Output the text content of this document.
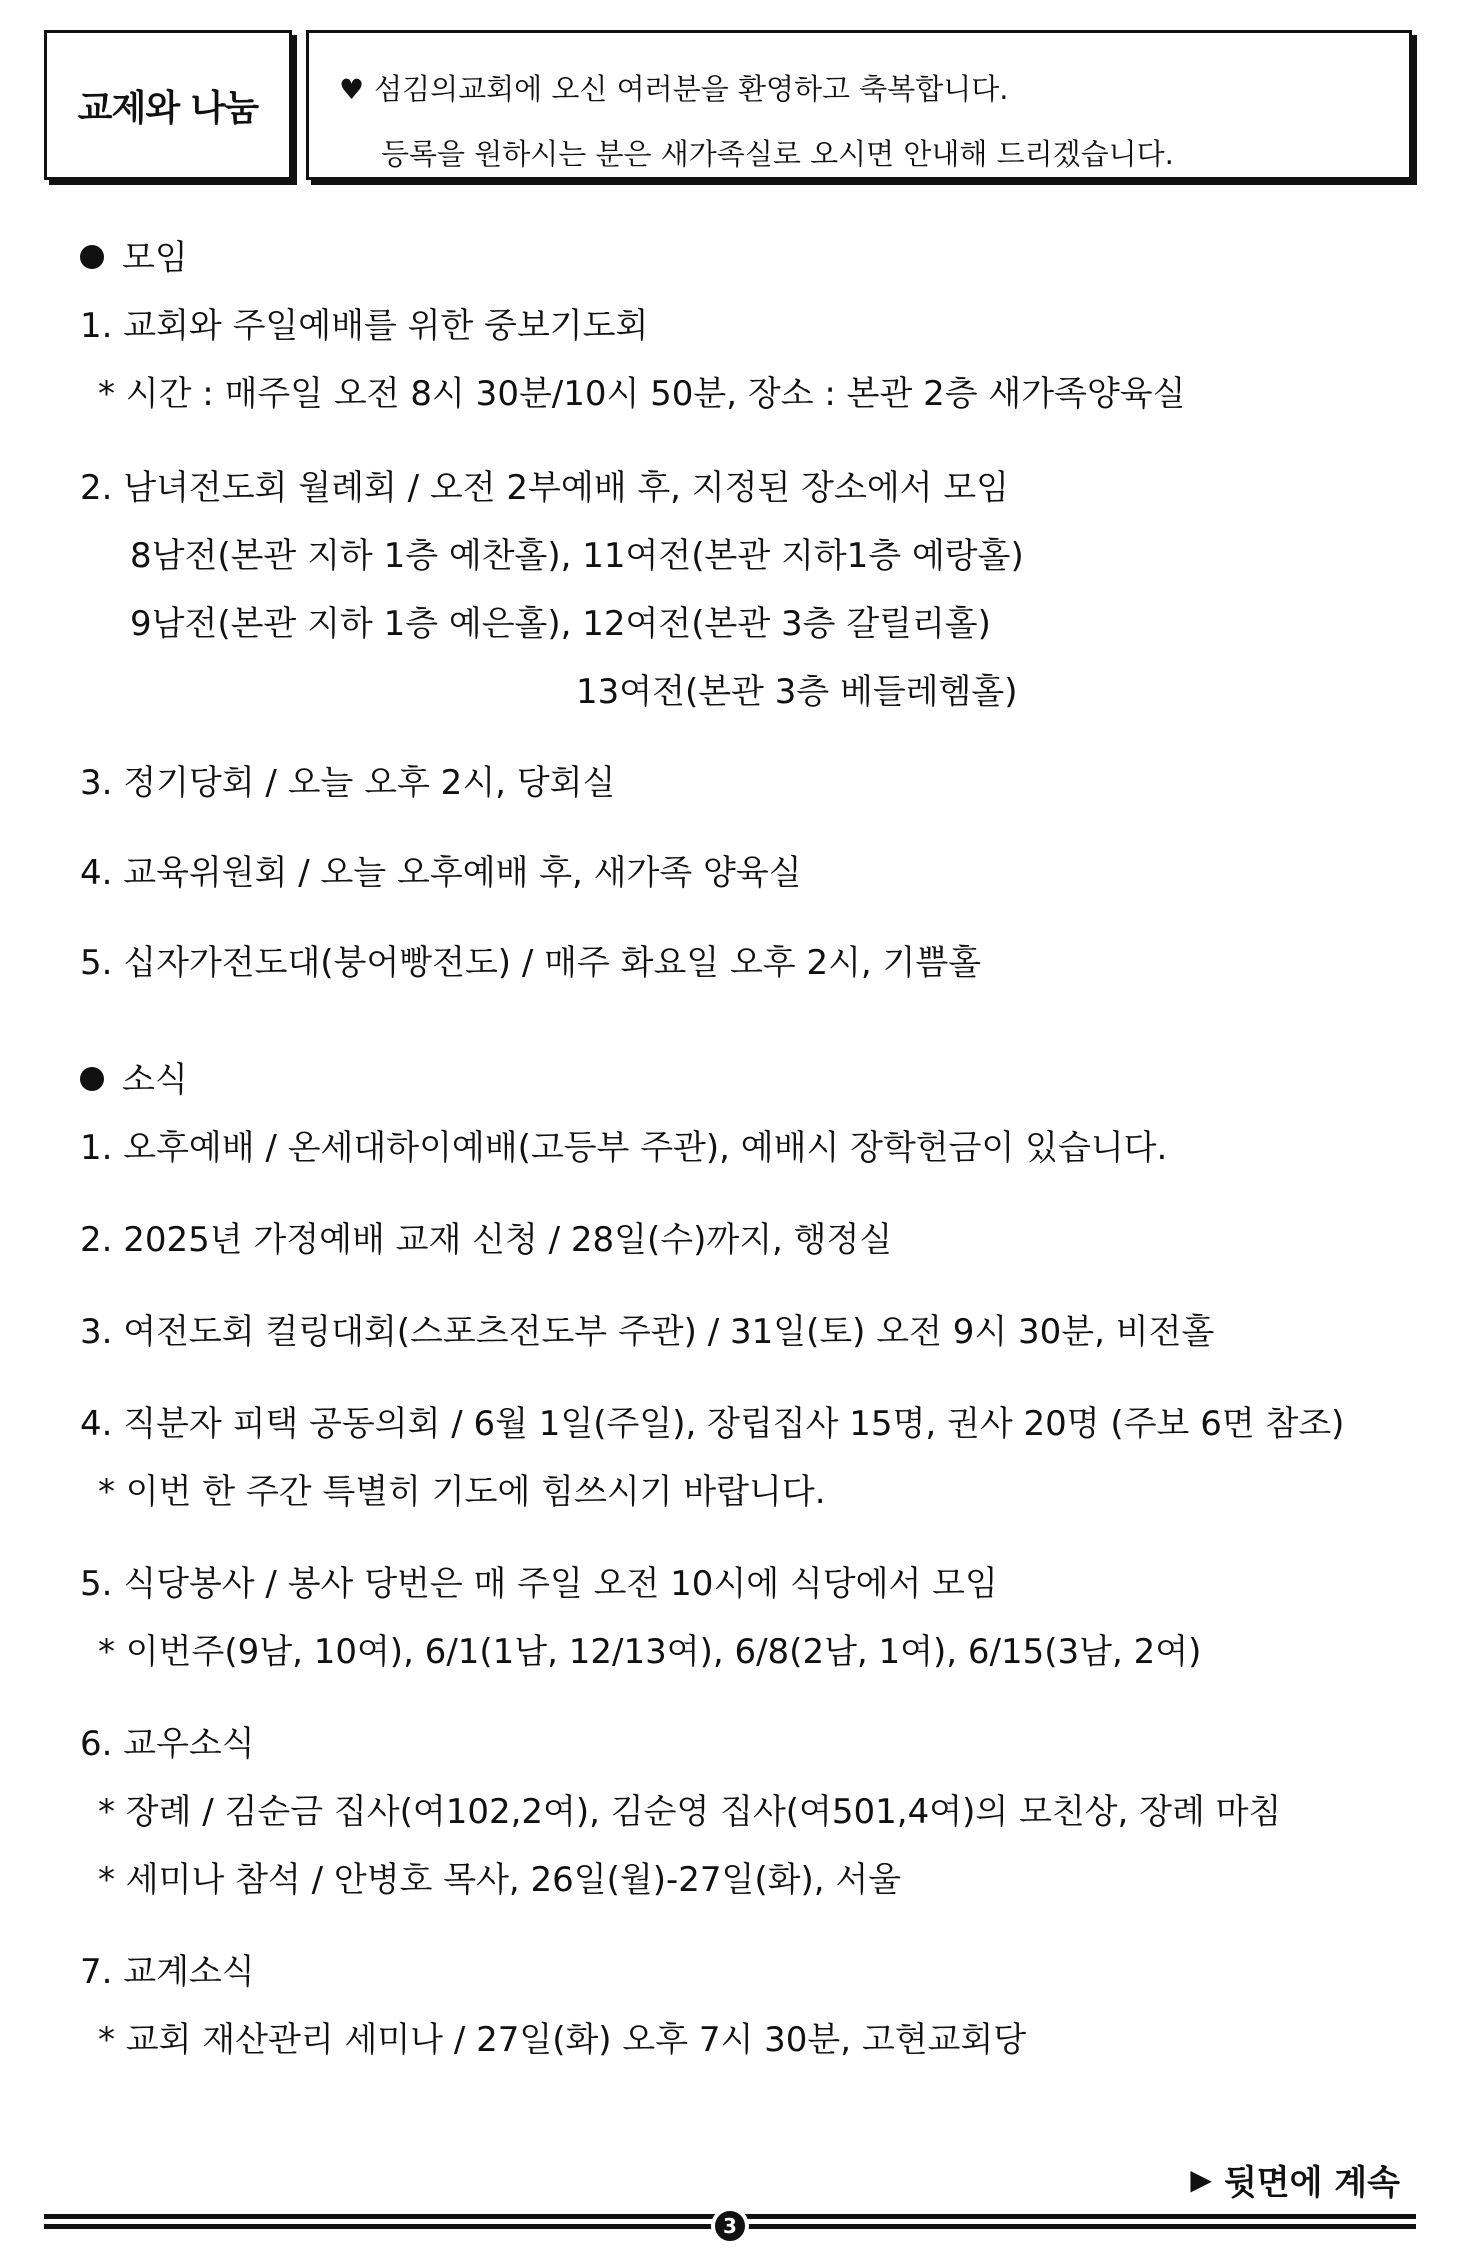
교제와 나눔	♥ 섬김의교회에 오신 여러분을 환영하고 축복합니다.
등록을 원하시는 분은 새가족실로 오시면 안내해 드리겠습니다.
모임
1. 교회와 주일예배를 위한 중보기도회
* 시간 : 매주일 오전 8시 30분/10시 50분, 장소 : 본관 2층 새가족양육실
2. 남녀전도회 월례회 / 오전 2부예배 후, 지정된 장소에서 모임
8남전(본관 지하 1층 예찬홀), 11여전(본관 지하1층 예랑홀)
9남전(본관 지하 1층 예은홀), 12여전(본관 3층 갈릴리홀)
13여전(본관 3층 베들레헴홀)
3. 정기당회 / 오늘 오후 2시, 당회실
4. 교육위원회 / 오늘 오후예배 후, 새가족 양육실
5. 십자가전도대(붕어빵전도) / 매주 화요일 오후 2시, 기쁨홀
소식
1. 오후예배 / 온세대하이예배(고등부 주관), 예배시 장학헌금이 있습니다.
2. 2025년 가정예배 교재 신청 / 28일(수)까지, 행정실
3. 여전도회 컬링대회(스포츠전도부 주관) / 31일(토) 오전 9시 30분, 비전홀
4. 직분자 피택 공동의회 / 6월 1일(주일), 장립집사 15명, 권사 20명 (주보 6면 참조)
* 이번 한 주간 특별히 기도에 힘쓰시기 바랍니다.
5. 식당봉사 / 봉사 당번은 매 주일 오전 10시에 식당에서 모임
* 이번주(9남, 10여), 6/1(1남, 12/13여), 6/8(2남, 1여), 6/15(3남, 2여)
6. 교우소식
* 장례 / 김순금 집사(여102,2여), 김순영 집사(여501,4여)의 모친상, 장례 마침
* 세미나 참석 / 안병호 목사, 26일(월)-27일(화), 서울
7. 교계소식
* 교회 재산관리 세미나 / 27일(화) 오후 7시 30분, 고현교회당
▶ 뒷면에 계속
3
